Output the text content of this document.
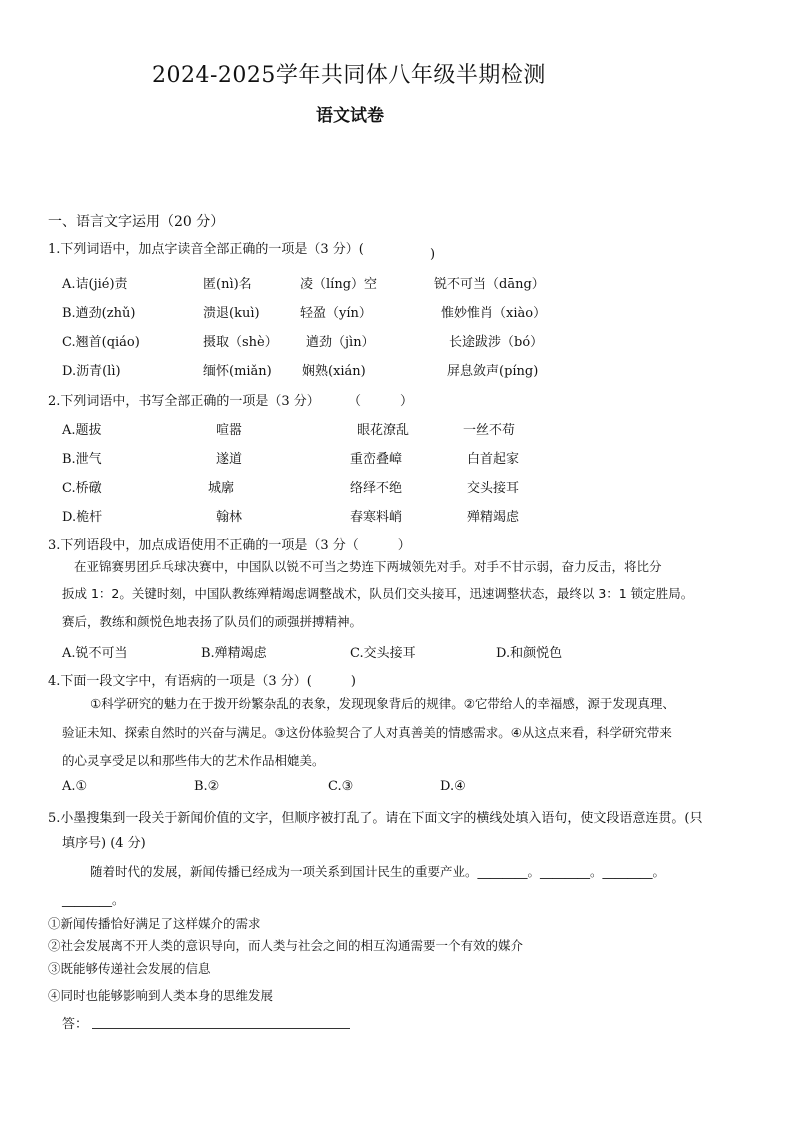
2024-2025学年共同体八年级半期检测
语文试卷
一、语言文字运用（20 分）
1.下列词语中，加点字读音全部正确的一项是（3 分）(	)
A.诘(jié)责	匿(nì)名	凌（líng）空	锐不可当（dāng）
B.遒劲(zhǔ)	溃退(kuì)	轻盈（yín）	惟妙惟肖（xiào）
C.翘首(qiáo)	摄取（shè） 遒劲（jìn）	长途跋涉（bó）
D.沥青(lì)	缅怀(miǎn) 娴熟(xián)	屏息敛声(píng)
2.下列词语中，书写全部正确的一项是（3 分） （　　　）
A.题拔	喧嚣	眼花潦乱	一丝不苟
B.泄气	遂道	重峦叠嶂	白首起家
C.桥礅	城廓	络绎不绝	交头接耳
D.桅杆	翰林	春寒料峭	殚精竭虑
3.下列语段中，加点成语使用不正确的一项是（3 分（　　　）
在亚锦赛男团乒乓球决赛中，中国队以锐不可当之势连下两城领先对手。对手不甘示弱，奋力反击，将比分
扳成 1：2。关键时刻，中国队教练殚精竭虑调整战术，队员们交头接耳，迅速调整状态，最终以 3：1 锁定胜局。
赛后，教练和颜悦色地表扬了队员们的顽强拼搏精神。
A.锐不可当	B.殚精竭虑	C.交头接耳	D.和颜悦色
4.下面一段文字中，有语病的一项是（3 分）(　　　)
①科学研究的魅力在于拨开纷繁杂乱的表象，发现现象背后的规律。②它带给人的幸福感，源于发现真理、
验证未知、探索自然时的兴奋与满足。③这份体验契合了人对真善美的情感需求。④从这点来看，科学研究带来
的心灵享受足以和那些伟大的艺术作品相媲美。
A.①	B.②	C.③	D.④
5.小墨搜集到一段关于新闻价值的文字，但顺序被打乱了。请在下面文字的横线处填入语句，使文段语意连贯。(只
填序号) (4 分)
随着时代的发展，新闻传播已经成为一项关系到国计民生的重要产业。________。________。________。
________。
①新闻传播恰好满足了这样媒介的需求
②社会发展离不开人类的意识导向，而人类与社会之间的相互沟通需要一个有效的媒介
③既能够传递社会发展的信息
④同时也能够影响到人类本身的思维发展
答：
